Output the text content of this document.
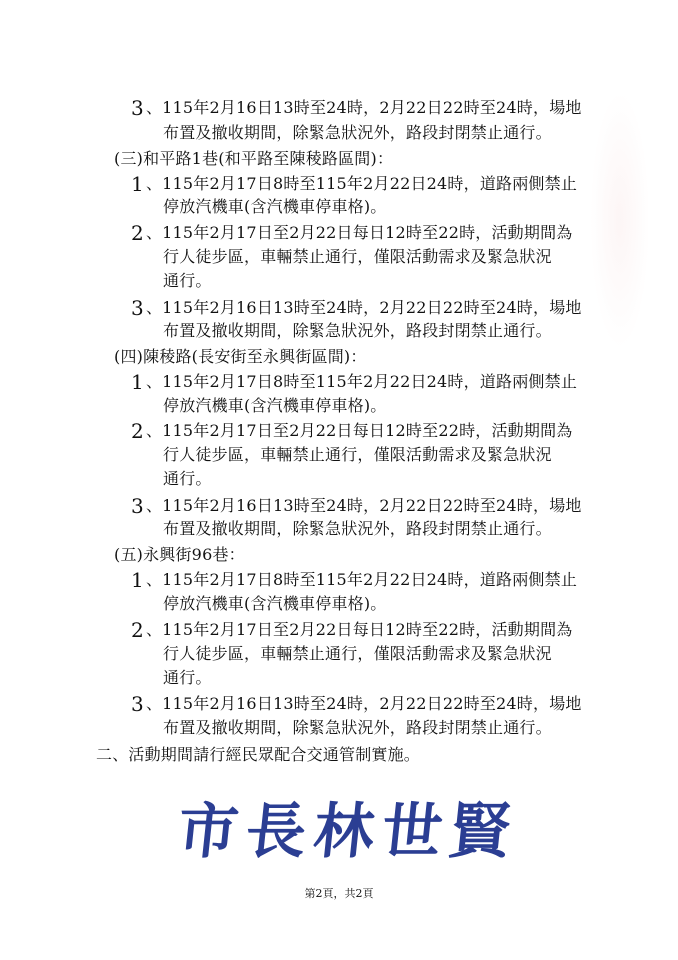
3 、115年2月16日13時至24時，2月22日22時至24時，場地
布置及撤收期間，除緊急狀況外，路段封閉禁止通行。
(三)和平路1巷(和平路至陳稜路區間)：
1 、115年2月17日8時至115年2月22日24時，道路兩側禁止
停放汽機車(含汽機車停車格)。
2 、115年2月17日至2月22日每日12時至22時，活動期間為
行人徒步區，車輛禁止通行，僅限活動需求及緊急狀況
通行。
3 、115年2月16日13時至24時，2月22日22時至24時，場地
布置及撤收期間，除緊急狀況外，路段封閉禁止通行。
(四)陳稜路(長安街至永興街區間)：
1 、115年2月17日8時至115年2月22日24時，道路兩側禁止
停放汽機車(含汽機車停車格)。
2 、115年2月17日至2月22日每日12時至22時，活動期間為
行人徒步區，車輛禁止通行，僅限活動需求及緊急狀況
通行。
3 、115年2月16日13時至24時，2月22日22時至24時，場地
布置及撤收期間，除緊急狀況外，路段封閉禁止通行。
(五)永興街96巷：
1 、115年2月17日8時至115年2月22日24時，道路兩側禁止
停放汽機車(含汽機車停車格)。
2 、115年2月17日至2月22日每日12時至22時，活動期間為
行人徒步區，車輛禁止通行，僅限活動需求及緊急狀況
通行。
3 、115年2月16日13時至24時，2月22日22時至24時，場地
布置及撤收期間，除緊急狀況外，路段封閉禁止通行。
二、活動期間請行經民眾配合交通管制實施。
市長林世賢
第2頁，共2頁
